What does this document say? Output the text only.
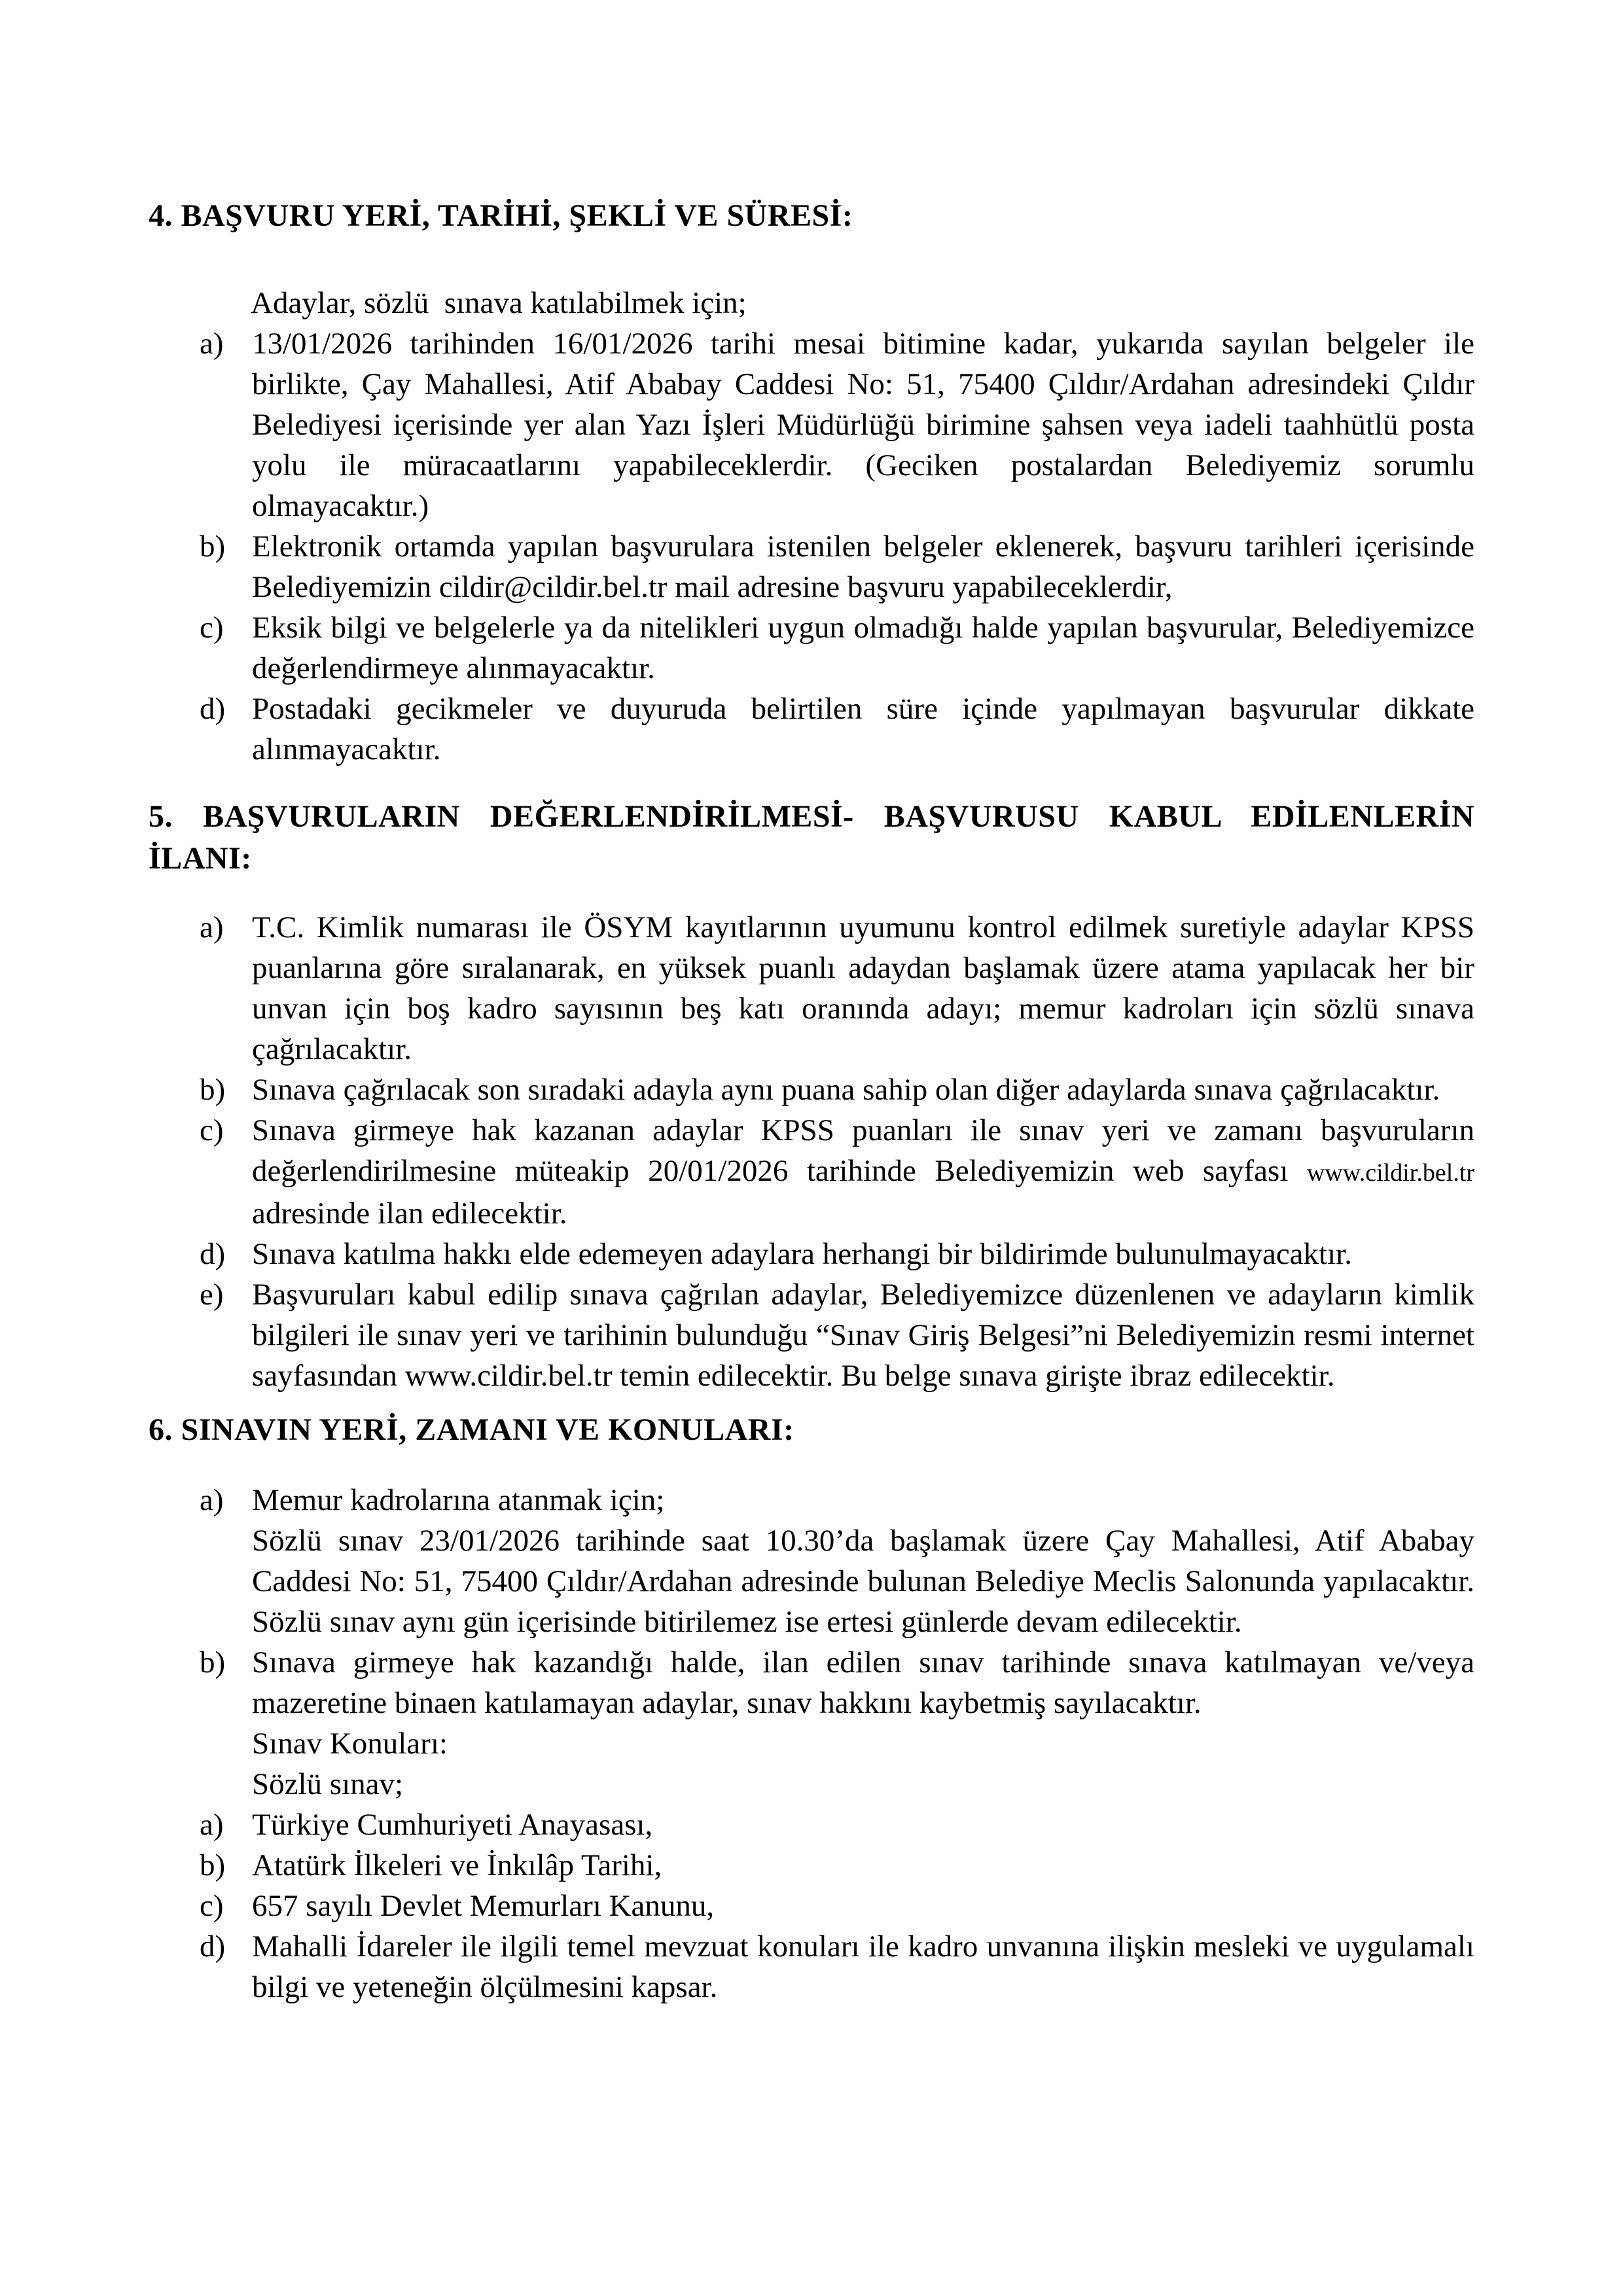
4. BAŞVURU YERİ, TARİHİ, ŞEKLİ VE SÜRESİ:
Adaylar, sözlü  sınava katılabilmek için;
a) 13/01/2026 tarihinden 16/01/2026 tarihi mesai bitimine kadar, yukarıda sayılan belgeler ile birlikte, Çay Mahallesi, Atif Ababay Caddesi No: 51, 75400 Çıldır/Ardahan adresindeki Çıldır Belediyesi içerisinde yer alan Yazı İşleri Müdürlüğü birimine şahsen veya iadeli taahhütlü posta yolu ile müracaatlarını yapabileceklerdir. (Geciken postalardan Belediyemiz sorumlu olmayacaktır.)
b) Elektronik ortamda yapılan başvurulara istenilen belgeler eklenerek, başvuru tarihleri içerisinde Belediyemizin cildir@cildir.bel.tr mail adresine başvuru yapabileceklerdir,
c) Eksik bilgi ve belgelerle ya da nitelikleri uygun olmadığı halde yapılan başvurular, Belediyemizce değerlendirmeye alınmayacaktır.
d) Postadaki gecikmeler ve duyuruda belirtilen süre içinde yapılmayan başvurular dikkate alınmayacaktır.
5. BAŞVURULARIN DEĞERLENDİRİLMESİ- BAŞVURUSU KABUL EDİLENLERİN
İLANI:
a) T.C. Kimlik numarası ile ÖSYM kayıtlarının uyumunu kontrol edilmek suretiyle adaylar KPSS puanlarına göre sıralanarak, en yüksek puanlı adaydan başlamak üzere atama yapılacak her bir unvan için boş kadro sayısının beş katı oranında adayı; memur kadroları için sözlü sınava çağrılacaktır.
b) Sınava çağrılacak son sıradaki adayla aynı puana sahip olan diğer adaylarda sınava çağrılacaktır.
c) Sınava girmeye hak kazanan adaylar KPSS puanları ile sınav yeri ve zamanı başvuruların değerlendirilmesine müteakip 20/01/2026 tarihinde Belediyemizin web sayfası www.cildir.bel.tr adresinde ilan edilecektir.
d) Sınava katılma hakkı elde edemeyen adaylara herhangi bir bildirimde bulunulmayacaktır.
e) Başvuruları kabul edilip sınava çağrılan adaylar, Belediyemizce düzenlenen ve adayların kimlik bilgileri ile sınav yeri ve tarihinin bulunduğu “Sınav Giriş Belgesi”ni Belediyemizin resmi internet sayfasından www.cildir.bel.tr temin edilecektir. Bu belge sınava girişte ibraz edilecektir.
6. SINAVIN YERİ, ZAMANI VE KONULARI:
a) Memur kadrolarına atanmak için;
Sözlü sınav 23/01/2026 tarihinde saat 10.30’da başlamak üzere Çay Mahallesi, Atif Ababay Caddesi No: 51, 75400 Çıldır/Ardahan adresinde bulunan Belediye Meclis Salonunda yapılacaktır. Sözlü sınav aynı gün içerisinde bitirilemez ise ertesi günlerde devam edilecektir.
b) Sınava girmeye hak kazandığı halde, ilan edilen sınav tarihinde sınava katılmayan ve/veya mazeretine binaen katılamayan adaylar, sınav hakkını kaybetmiş sayılacaktır.
Sınav Konuları:
Sözlü sınav;
a) Türkiye Cumhuriyeti Anayasası,
b) Atatürk İlkeleri ve İnkılâp Tarihi,
c) 657 sayılı Devlet Memurları Kanunu,
d) Mahalli İdareler ile ilgili temel mevzuat konuları ile kadro unvanına ilişkin mesleki ve uygulamalı bilgi ve yeteneğin ölçülmesini kapsar.
